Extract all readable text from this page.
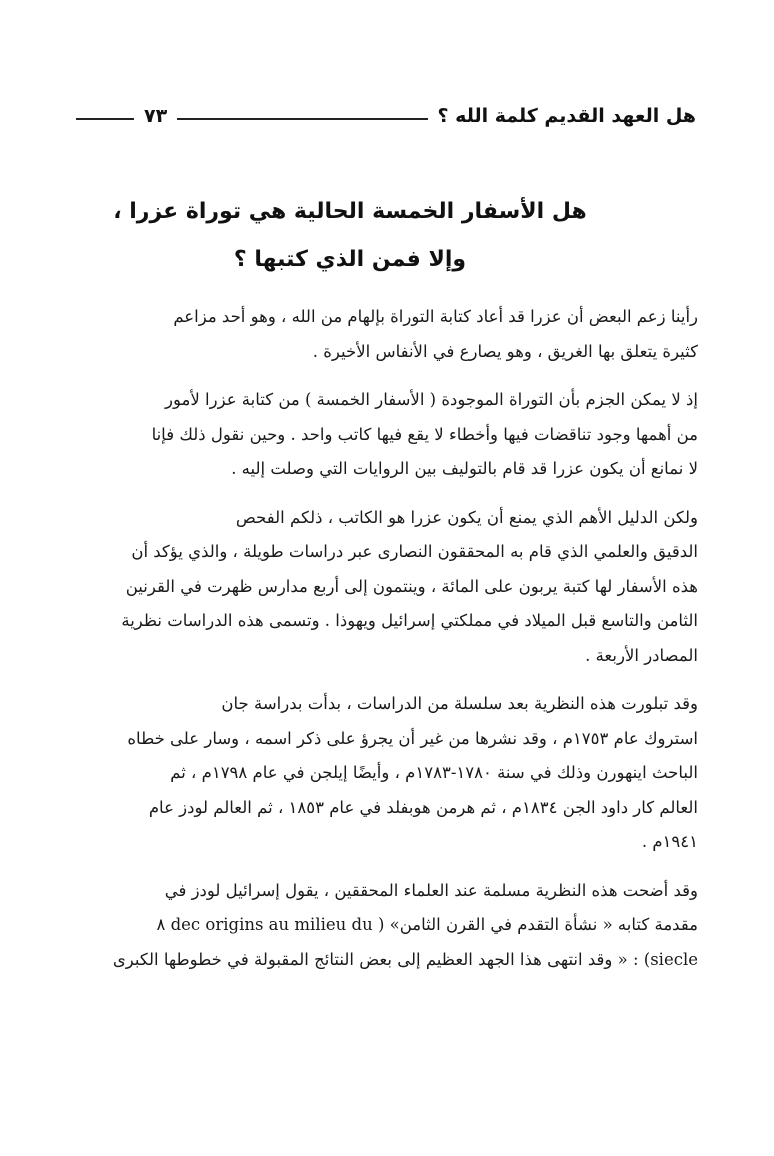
هل العهد القديم كلمة الله ؟
٧٣
هل الأسفار الخمسة الحالية هي توراة عزرا ،
وإلا فمن الذي كتبها ؟

رأينا زعم البعض أن عزرا قد أعاد كتابة التوراة بإلهام من الله ، وهو أحد مزاعم
كثيرة يتعلق بها الغريق ، وهو يصارع في الأنفاس الأخيرة .

إذ لا يمكن الجزم بأن التوراة الموجودة ( الأسفار الخمسة ) من كتابة عزرا لأمور
من أهمها وجود تناقضات فيها وأخطاء لا يقع فيها كاتب واحد . وحين نقول ذلك فإنا
لا نمانع أن يكون عزرا قد قام بالتوليف بين الروايات التي وصلت إليه .

ولكن الدليل الأهم الذي يمنع أن يكون عزرا هو الكاتب ، ذلكم الفحص
الدقيق والعلمي الذي قام به المحققون النصارى عبر دراسات طويلة ، والذي يؤكد أن
هذه الأسفار لها كتبة يربون على المائة ، وينتمون إلى أربع مدارس ظهرت في القرنين
الثامن والتاسع قبل الميلاد في مملكتي إسرائيل ويهوذا . وتسمى هذه الدراسات نظرية
المصادر الأربعة .

وقد تبلورت هذه النظرية بعد سلسلة من الدراسات ، بدأت بدراسة جان
استروك عام ١٧٥٣م ، وقد نشرها من غير أن يجرؤ على ذكر اسمه ، وسار على خطاه
الباحث اينهورن وذلك في سنة ١٧٨٠-١٧٨٣م ، وأيضًا إيلجن في عام ١٧٩٨م ، ثم
العالم كار داود الجن ١٨٣٤م ، ثم هرمن هوبفلد في عام ١٨٥٣ ، ثم العالم لودز عام
١٩٤١م .

وقد أضحت هذه النظرية مسلمة عند العلماء المحققين ، يقول إسرائيل لودز في
مقدمة كتابه « نشأة التقدم في القرن الثامن» ( dec origins au milieu du ٨
siecle) : « وقد انتهى هذا الجهد العظيم إلى بعض النتائج المقبولة في خطوطها الكبرى
